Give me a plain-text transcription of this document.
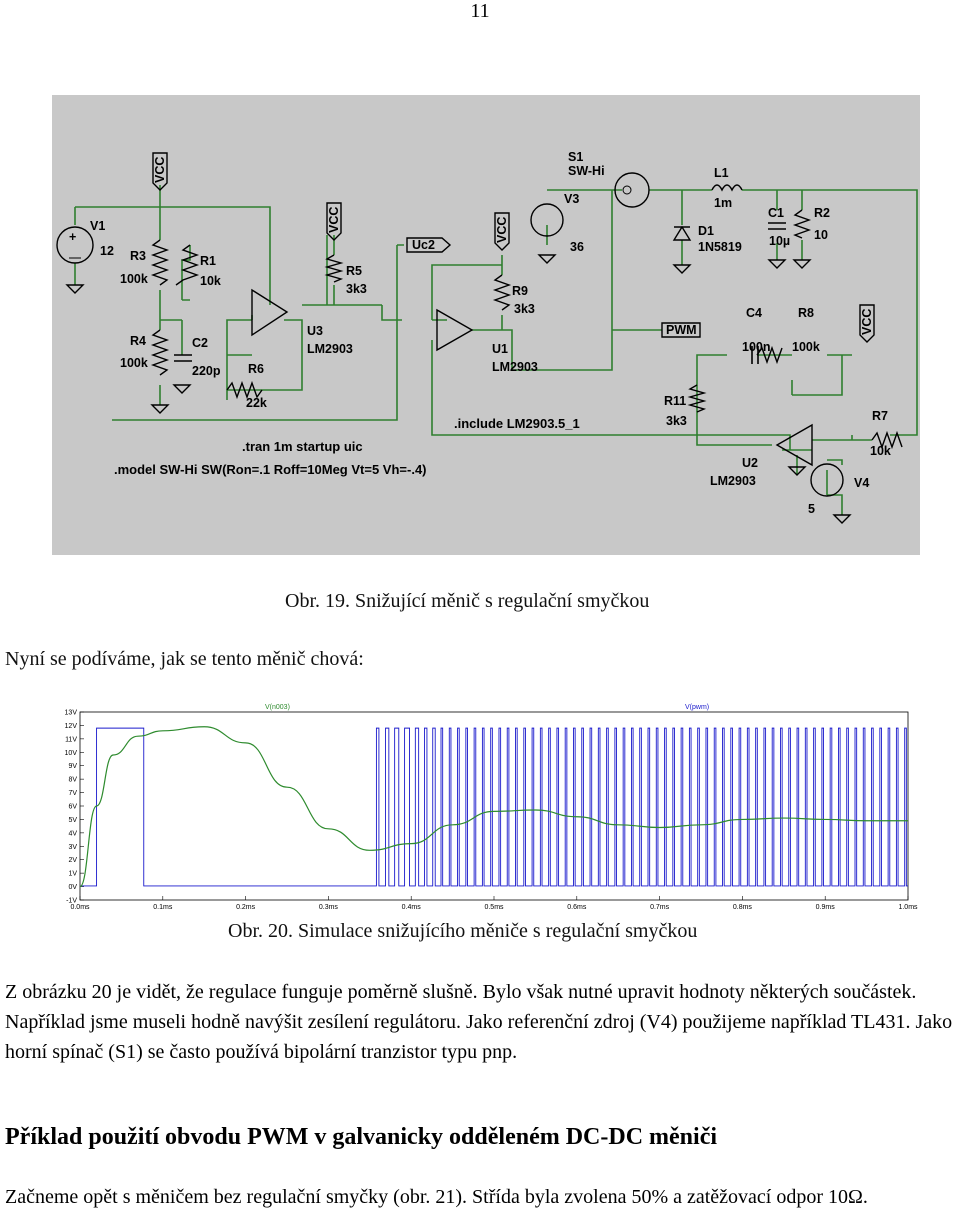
11
+
VCC
VCC	VCC
VCC
V1
12 R3
100k
R1
10k
R4
100k
C2
220p R6
22k
R5
3k3
U3
LM2903
Uc2
R9
3k3
U1
LM2903
V3
36
S1
SW-Hi	L1
1m
D1
1N5819
C1
10µ
R2
10
PWM
C4
100n
R8
100k
R11
3k3	R7
10k
U2
LM2903	V4
5
.include LM2903.5_1
.tran 1m startup uic
.model SW-Hi SW(Ron=.1 Roff=10Meg Vt=5 Vh=-.4)
Obr. 19. Snižující měnič s regulační smyčkou
Nyní se podíváme, jak se tento měnič chová:
-1V
0V
1V
2V
3V
4V
5V
6V
7V
8V
9V
10V
11V
12V
13V
0.0ms	0.1ms	0.2ms	0.3ms	0.4ms	0.5ms	0.6ms	0.7ms	0.8ms	0.9ms	1.0ms
V(n003)	V(pwm)
Obr. 20. Simulace snižujícího měniče s regulační smyčkou
Z obrázku 20 je vidět, že regulace funguje poměrně slušně. Bylo však nutné upravit hodnoty některých součástek. Například jsme museli hodně navýšit zesílení regulátoru. Jako referenční zdroj (V4) použijeme například TL431. Jako horní spínač (S1) se často používá bipolární tranzistor typu pnp.
Příklad použití obvodu PWM v galvanicky odděleném DC-DC měniči
Začneme opět s měničem bez regulační smyčky (obr. 21). Střída byla zvolena 50% a zatěžovací odpor 10Ω.
